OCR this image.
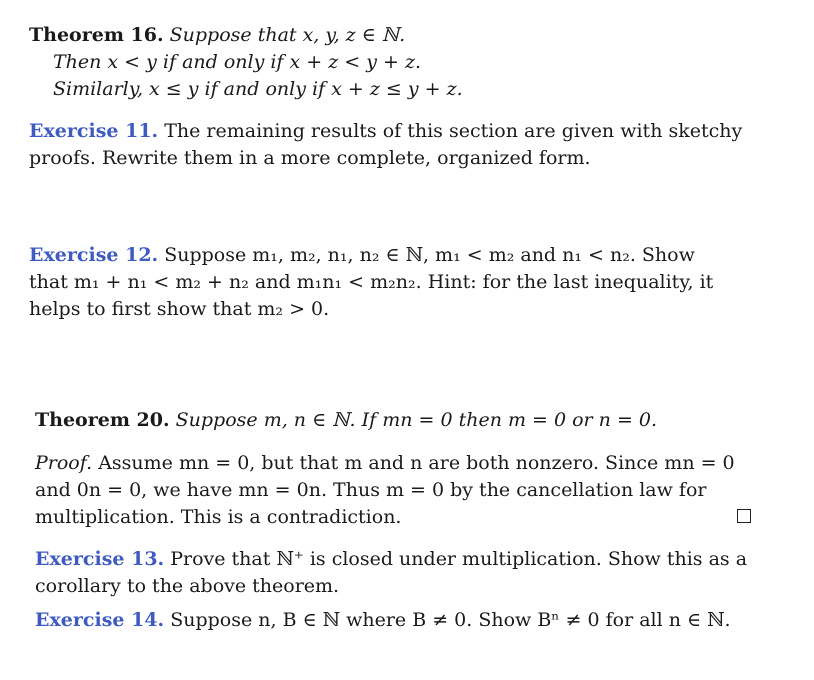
Theorem 16. Suppose that x, y, z ∈ ℕ.
Then x < y if and only if x + z < y + z.
Similarly, x ≤ y if and only if x + z ≤ y + z.
Exercise 11. The remaining results of this section are given with sketchy
proofs. Rewrite them in a more complete, organized form.
Exercise 12. Suppose m₁, m₂, n₁, n₂ ∈ ℕ, m₁ < m₂ and n₁ < n₂. Show
that m₁ + n₁ < m₂ + n₂ and m₁n₁ < m₂n₂. Hint: for the last inequality, it
helps to first show that m₂ > 0.
Theorem 20. Suppose m, n ∈ ℕ. If mn = 0 then m = 0 or n = 0.
Proof. Assume mn = 0, but that m and n are both nonzero. Since mn = 0
and 0n = 0, we have mn = 0n. Thus m = 0 by the cancellation law for
multiplication. This is a contradiction.
Exercise 13. Prove that ℕ⁺ is closed under multiplication. Show this as a
corollary to the above theorem.
Exercise 14. Suppose n, B ∈ ℕ where B ≠ 0. Show Bⁿ ≠ 0 for all n ∈ ℕ.
